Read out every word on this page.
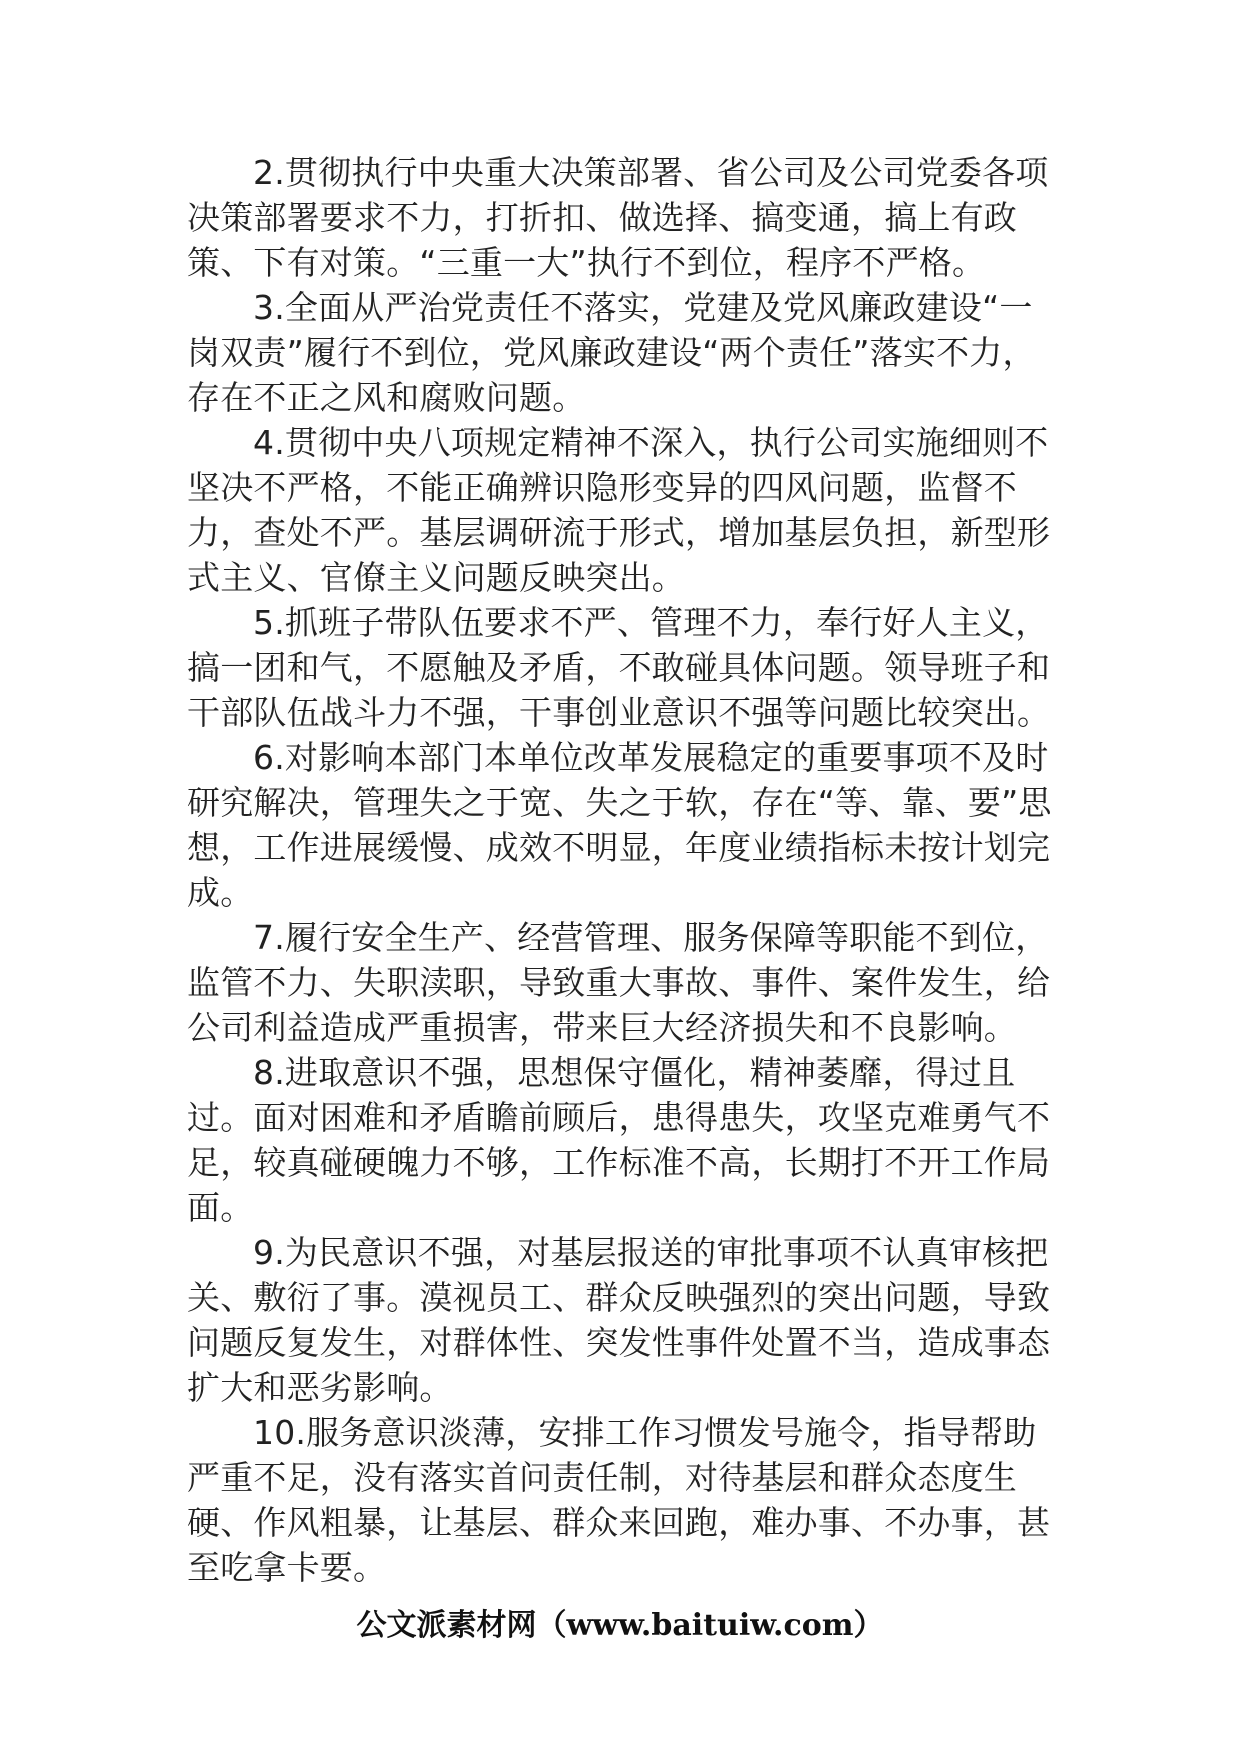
2.贯彻执行中央重大决策部署、省公司及公司党委各项决策部署要求不力，打折扣、做选择、搞变通，搞上有政策、下有对策。“三重一大”执行不到位，程序不严格。

3.全面从严治党责任不落实，党建及党风廉政建设“一岗双责”履行不到位，党风廉政建设“两个责任”落实不力，存在不正之风和腐败问题。

4.贯彻中央八项规定精神不深入，执行公司实施细则不坚决不严格，不能正确辨识隐形变异的四风问题，监督不力，查处不严。基层调研流于形式，增加基层负担，新型形式主义、官僚主义问题反映突出。

5.抓班子带队伍要求不严、管理不力，奉行好人主义，搞一团和气，不愿触及矛盾，不敢碰具体问题。领导班子和干部队伍战斗力不强，干事创业意识不强等问题比较突出。

6.对影响本部门本单位改革发展稳定的重要事项不及时研究解决，管理失之于宽、失之于软，存在“等、靠、要”思想，工作进展缓慢、成效不明显，年度业绩指标未按计划完成。

7.履行安全生产、经营管理、服务保障等职能不到位，监管不力、失职渎职，导致重大事故、事件、案件发生，给公司利益造成严重损害，带来巨大经济损失和不良影响。

8.进取意识不强，思想保守僵化，精神萎靡，得过且过。面对困难和矛盾瞻前顾后，患得患失，攻坚克难勇气不足，较真碰硬魄力不够，工作标准不高，长期打不开工作局面。

9.为民意识不强，对基层报送的审批事项不认真审核把关、敷衍了事。漠视员工、群众反映强烈的突出问题，导致问题反复发生，对群体性、突发性事件处置不当，造成事态扩大和恶劣影响。

10.服务意识淡薄，安排工作习惯发号施令，指导帮助严重不足，没有落实首问责任制，对待基层和群众态度生硬、作风粗暴，让基层、群众来回跑，难办事、不办事，甚至吃拿卡要。

公文派素材网（www.baituiw.com）
